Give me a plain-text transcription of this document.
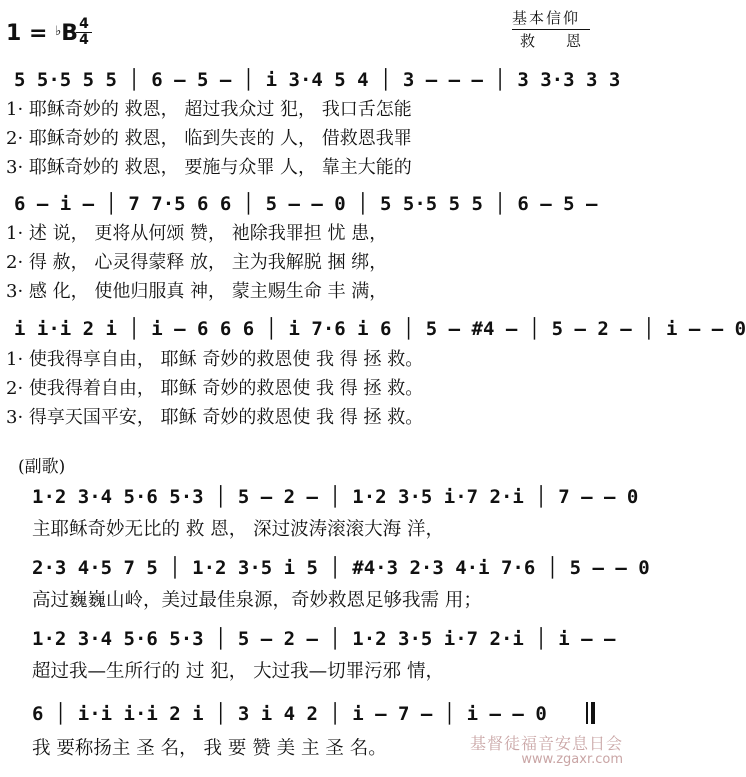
1 = ♭B 4
4
基本信仰
救　恩
5 5·5 5 5 │ 6 – 5 – │ i 3·4 5 4 │ 3 – – – │ 3 3·3 3 3
1· 耶稣奇妙的 救恩， 超过我众过 犯， 我口舌怎能
2· 耶稣奇妙的 救恩， 临到失丧的 人， 借救恩我罪
3· 耶稣奇妙的 救恩， 要施与众罪 人， 靠主大能的
6 – i – │ 7 7·5 6 6 │ 5 – – 0 │ 5 5·5 5 5 │ 6 – 5 –
1· 述 说， 更将从何颂 赞， 祂除我罪担 忧 患，
2· 得 赦， 心灵得蒙释 放， 主为我解脱 捆 绑，
3· 感 化， 使他归服真 神， 蒙主赐生命 丰 满，
i i·i 2 i │ i – 6 6 6 │ i 7·6 i 6 │ 5 – #4 – │ 5 – 2 – │ i – – 0
1· 使我得享自由， 耶稣 奇妙的救恩使 我 得 拯 救。
2· 使我得着自由， 耶稣 奇妙的救恩使 我 得 拯 救。
3· 得享天国平安， 耶稣 奇妙的救恩使 我 得 拯 救。
(副歌)
1·2 3·4 5·6 5·3 │ 5 – 2 – │ 1·2 3·5 i·7 2·i │ 7 – – 0
主耶稣奇妙无比的 救 恩， 深过波涛滚滚大海 洋，
2·3 4·5 7 5 │ 1·2 3·5 i 5 │ #4·3 2·3 4·i 7·6 │ 5 – – 0
高过巍巍山岭，美过最佳泉源，奇妙救恩足够我需 用；
1·2 3·4 5·6 5·3 │ 5 – 2 – │ 1·2 3·5 i·7 2·i │ i – –
超过我—生所行的 过 犯， 大过我—切罪污邪 情，
6 │ i·i i·i 2 i │ 3 i 4 2 │ i – 7 – │ i – – 0
我 要称扬主 圣 名， 我 要 赞 美 主 圣 名。	基督徒福音安息日会
www.zgaxr.com
